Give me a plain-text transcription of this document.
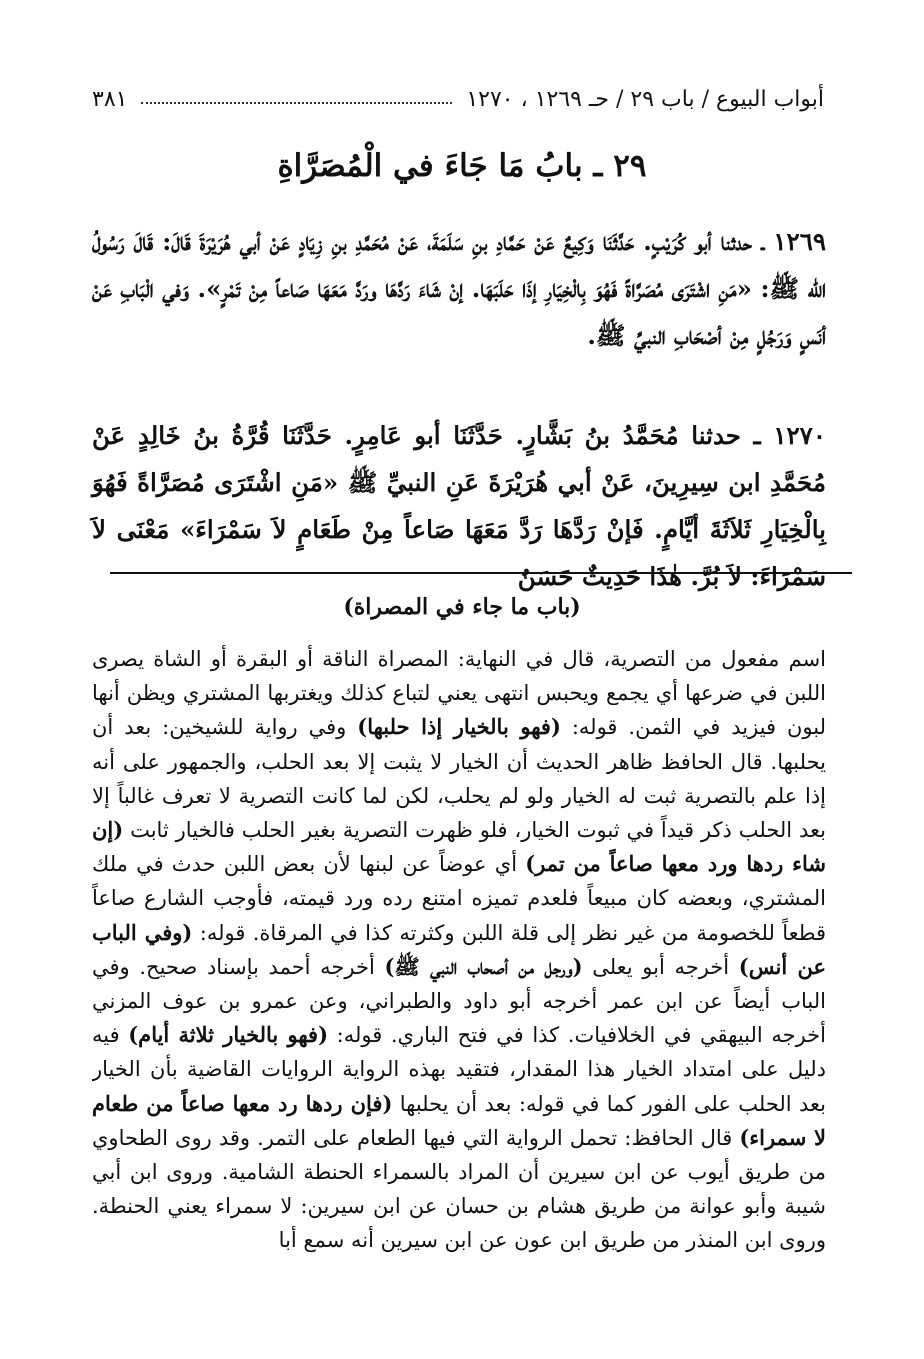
أبواب البيوع / باب ٢٩ / حـ ١٢٦٩ ، ١٢٧٠
٣٨١
٢٩ ـ بابُ مَا جَاءَ في الْمُصَرَّاةِ
١٢٦٩ ـ حدثنا أبو كُرَيْبٍ. حَدَّثَنَا وَكِيعٌ عَنْ حَمَّادِ بنِ سَلَمَةَ، عَنْ مُحَمَّدِ بنِ زِيَادٍ عَنْ أبي هُرَيْرَةَ قَالَ: قَالَ رَسُولُ الله ﷺ: «مَنِ اشْتَرَى مُصَرَّاةً فَهُوَ بِالْخِيَارِ إذَا حَلَبَهَا. إنْ شَاءَ رَدَّهَا ورَدَّ مَعَهَا صَاعاً مِنْ تَمْرٍ». وَفي الْبَابِ عَنْ أنَسٍ وَرَجُلٍ مِنْ أصْحَابِ النبيِّ ﷺ.
١٢٧٠ ـ حدثنا مُحَمَّدُ بنُ بَشَّارٍ. حَدَّثَنَا أبو عَامِرٍ. حَدَّثَنَا قُرَّةُ بنُ خَالِدٍ عَنْ مُحَمَّدِ ابن سِيرِينَ، عَنْ أبي هُرَيْرَةَ عَنِ النبيِّ ﷺ «مَنِ اشْتَرَى مُصَرَّاةً فَهُوَ بِالْخِيَارِ ثَلاَثَةَ أيَّامٍ. فَإنْ رَدَّهَا رَدَّ مَعَهَا صَاعاً مِنْ طَعَامٍ لاَ سَمْرَاءَ» مَعْنَى لاَ سَمْرَاءَ: لاَ بُرَّ. هٰذَا حَدِيثٌ حَسَنٌ
(باب ما جاء في المصراة)
اسم مفعول من التصرية، قال في النهاية: المصراة الناقة أو البقرة أو الشاة يصرى اللبن في ضرعها أي يجمع ويحبس انتهى يعني لتباع كذلك ويغتربها المشتري ويظن أنها لبون فيزيد في الثمن. قوله: (فهو بالخيار إذا حلبها) وفي رواية للشيخين: بعد أن يحلبها. قال الحافظ ظاهر الحديث أن الخيار لا يثبت إلا بعد الحلب، والجمهور على أنه إذا علم بالتصرية ثبت له الخيار ولو لم يحلب، لكن لما كانت التصرية لا تعرف غالباً إلا بعد الحلب ذكر قيداً في ثبوت الخيار، فلو ظهرت التصرية بغير الحلب فالخيار ثابت (إن شاء ردها ورد معها صاعاً من تمر) أي عوضاً عن لبنها لأن بعض اللبن حدث في ملك المشتري، وبعضه كان مبيعاً فلعدم تميزه امتنع رده ورد قيمته، فأوجب الشارع صاعاً قطعاً للخصومة من غير نظر إلى قلة اللبن وكثرته كذا في المرقاة. قوله: (وفي الباب عن أنس) أخرجه أبو يعلى (ورجل من أصحاب النبي ﷺ) أخرجه أحمد بإسناد صحيح. وفي الباب أيضاً عن ابن عمر أخرجه أبو داود والطبراني، وعن عمرو بن عوف المزني أخرجه البيهقي في الخلافيات. كذا في فتح الباري. قوله: (فهو بالخيار ثلاثة أيام) فيه دليل على امتداد الخيار هذا المقدار، فتقيد بهذه الرواية الروايات القاضية بأن الخيار بعد الحلب على الفور كما في قوله: بعد أن يحلبها (فإن ردها رد معها صاعاً من طعام لا سمراء) قال الحافظ: تحمل الرواية التي فيها الطعام على التمر. وقد روى الطحاوي من طريق أيوب عن ابن سيرين أن المراد بالسمراء الحنطة الشامية. وروى ابن أبي شيبة وأبو عوانة من طريق هشام بن حسان عن ابن سيرين: لا سمراء يعني الحنطة. وروى ابن المنذر من طريق ابن عون عن ابن سيرين أنه سمع أبا
